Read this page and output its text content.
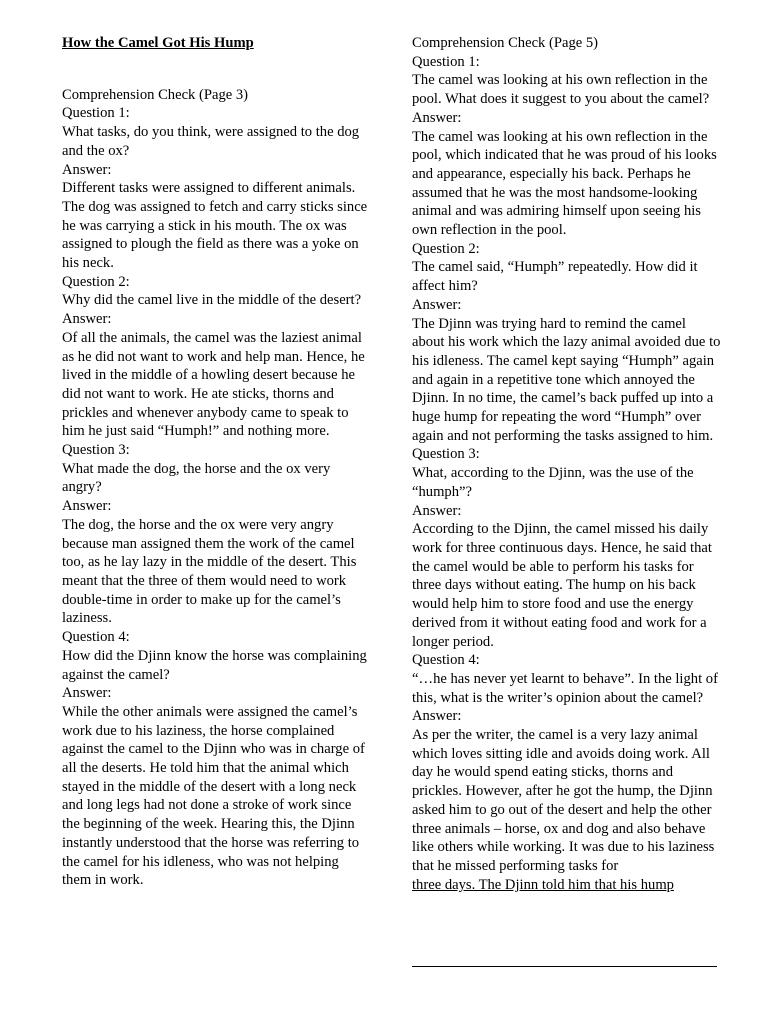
How the Camel Got His Hump

Comprehension Check (Page 3)

Question 1:

What tasks, do you think, were assigned to the dog and the ox?

Answer:

Different tasks were assigned to different animals. The dog was assigned to fetch and carry sticks since he was carrying a stick in his mouth. The ox was assigned to plough the field as there was a yoke on his neck.

Question 2:

Why did the camel live in the middle of the desert?

Answer:

Of all the animals, the camel was the laziest animal as he did not want to work and help man. Hence, he lived in the middle of a howling desert because he did not want to work. He ate sticks, thorns and prickles and whenever anybody came to speak to him he just said “Humph!” and nothing more.

Question 3:

What made the dog, the horse and the ox very angry?

Answer:

The dog, the horse and the ox were very angry because man assigned them the work of the camel too, as he lay lazy in the middle of the desert. This meant that the three of them would need to work double-time in order to make up for the camel’s laziness.

Question 4:

How did the Djinn know the horse was complaining against the camel?

Answer:

While the other animals were assigned the camel’s work due to his laziness, the horse complained against the camel to the Djinn who was in charge of all the deserts. He told him that the animal which stayed in the middle of the desert with a long neck and long legs had not done a stroke of work since the beginning of the week. Hearing this, the Djinn instantly understood that the horse was referring to the camel for his idleness, who was not helping them in work.

Comprehension Check (Page 5)

Question 1:

The camel was looking at his own reflection in the pool. What does it suggest to you about the camel?

Answer:

The camel was looking at his own reflection in the pool, which indicated that he was proud of his looks and appearance, especially his back. Perhaps he assumed that he was the most handsome-looking animal and was admiring himself upon seeing his own reflection in the pool.

Question 2:

The camel said, “Humph” repeatedly. How did it affect him?

Answer:

The Djinn was trying hard to remind the camel about his work which the lazy animal avoided due to his idleness. The camel kept saying “Humph” again and again in a repetitive tone which annoyed the Djinn. In no time, the camel’s back puffed up into a huge hump for repeating the word “Humph” over again and not performing the tasks assigned to him.

Question 3:

What, according to the Djinn, was the use of the “humph”?

Answer:

According to the Djinn, the camel missed his daily work for three continuous days. Hence, he said that the camel would be able to perform his tasks for three days without eating. The hump on his back would help him to store food and use the energy derived from it without eating food and work for a longer period.

Question 4:

“…he has never yet learnt to behave”. In the light of this, what is the writer’s opinion about the camel?

Answer:

As per the writer, the camel is a very lazy animal which loves sitting idle and avoids doing work. All day he would spend eating sticks, thorns and prickles. However, after he got the hump, the Djinn asked him to go out of the desert and help the other three animals – horse, ox and dog and also behave like others while working. It was due to his laziness that he missed performing tasks for

three days. The Djinn told him that his hump
